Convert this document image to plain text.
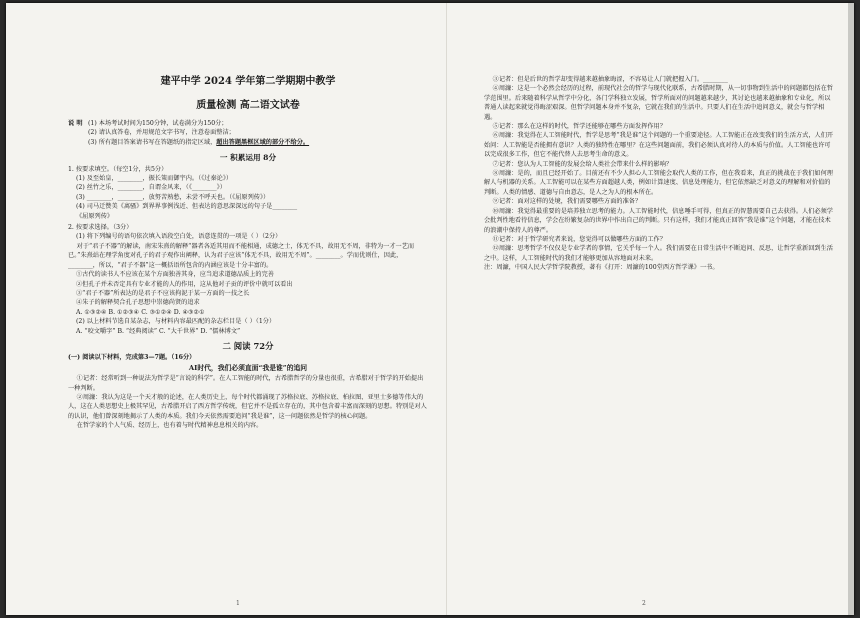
建平中学 2024 学年第二学期期中教学
质量检测 高二语文试卷
说 明 (1) 本场考试时间为150分钟，试卷满分为150分；
(2) 请认真答卷，并用规范文字书写，注意卷面整洁；
(3) 所有题目答案请书写在答题纸的指定区域，超出答题黑框区域的部分不给分。
一 积累运用 8分

1. 按要求填空。（每空1分，共5分）

(1) 及至始皇，________，振长策而御宇内。（《过秦论》）

(2) 丝竹之乐，________，自谓金风来，（《________》）

(3) ________，________，放努苦熟愁，未尝不呼天也。（《屈原列传》）

(4) 司马迁赞美《离骚》到界界事例浅近、但表达的意思深深远的句子是________

《屈原列传》

2. 按要求选择。（3分）

(1) 将下列编号的语句依次填入语段空白处，语意连贯的一项是（ ）（2分）

对于“君子不器”的解读，南宋朱熹的解释“器者各适其用而不能相通，成德之士，体无不具，故用无不周，非特为一才一艺而已。”朱熹站在理学角度对孔子的君子观作出阐释，认为君子应该“体无不具，故用无不周”。________。学而优则仕，因此，________，所以，“君子不器”这一概括语所包含的内涵应该是十分丰富的。

①古代的读书人不应该在某个方面独善其身，应当追求道德品质上的完善

②但孔子并未否定具有专业才能的人的作用，这从他对子贡的评价中就可以看出

③“君子不器”所表达的是君子不应该拘泥于某一方面的一技之长

④朱子的解释契合孔子思想中崇德尚贤的追求

A. ①③②④ B. ①②③④ C. ③①②④ D. ④③②①

(2) 以上材料节选自某杂志，与材料内容最匹配的杂志栏目是（ ）（1分）

A. “咬文嚼字” B. “经典阅读” C. “大千世界” D. “儒林博文”

二 阅读 72分

(一) 阅读以下材料，完成第3—7题。（16分）

AI时代，我们必须直面“我是谁”的追问

①记者：经常听到一种说法为哲学是“言说的科学”。在人工智能的时代，古希腊哲学的分量也很重，古希腊对于哲学的开始提出一种判断。

②周濂：我认为这是一个天才般的论述，在人类历史上，每个时代都涌现了苏格拉底、苏格拉底、柏拉图、亚里士多德等伟大的人，这在人类思想史上极其罕见，古希腊开启了西方哲学传统，但它并不是孤立存在的，其中包含着丰富而深刻的思想。特别是对人的认识，他们曾深刻地揭示了人类的本质。我们今天依然需要追问“我是谁”，这一问题依然是哲学的核心问题。

在哲学家的个人气质、经历上，也有着与时代精神息息相关的内容。

1

③记者：但是后世的哲学却变得越来越抽象晦涩，不容易让人门就把握入门。________

④周濂：这是一个必然会经历的过程，前现代社会的哲学与现代化联系，古希腊时期，从一切事物到生活中的问题都包括在哲学范围里。后来随着科学从哲学中分化，各门学科独立发展，哲学所面对的问题越来越少，其讨论也越来越抽象和专业化，所以普通人读起来就觉得晦涩艰深。但哲学问题本身并不复杂，它就在我们的生活中。只要人们在生活中追问意义，就会与哲学相遇。

⑤记者：那么在这样的时代，哲学还能够在哪些方面发挥作用？

⑥周濂：我觉得在人工智能时代，哲学是思考“我是谁”这个问题的一个重要途径。人工智能正在改变我们的生活方式，人们开始问：人工智能是否能拥有意识？人类的独特性在哪里？在这些问题面前，我们必须认真对待人的本质与价值。人工智能也许可以完成很多工作，但它不能代替人去思考生命的意义。

⑦记者：您认为人工智能的发展会给人类社会带来什么样的影响？

⑧周濂：是的，而且已经开始了。目前还有不少人担心人工智能会取代人类的工作，但在我看来，真正的挑战在于我们如何理解人与机器的关系。人工智能可以在某些方面超越人类，例如计算速度、信息处理能力，但它依然缺乏对意义的理解和对价值的判断。人类的情感、道德与自由意志，是人之为人的根本所在。

⑨记者：面对这样的处境，我们需要哪些方面的准备？

⑩周濂：我觉得最重要的是培养独立思考的能力。人工智能时代，信息唾手可得，但真正的智慧需要自己去获得。人们必须学会批判性地看待信息，学会在纷繁复杂的世界中作出自己的判断。只有这样，我们才能真正回答“我是谁”这个问题，才能在技术的浪潮中保持人的尊严。

⑪记者：对于哲学研究者来说，您觉得可以做哪些方面的工作？

⑫周濂：思考哲学不仅仅是专业学者的事情，它关乎每一个人。我们需要在日常生活中不断追问、反思，让哲学重新回到生活之中。这样，人工智能时代的我们才能够更加从容地面对未来。

注：周濂，中国人民大学哲学院教授，著有《打开：周濂的100堂西方哲学课》一书。

2
